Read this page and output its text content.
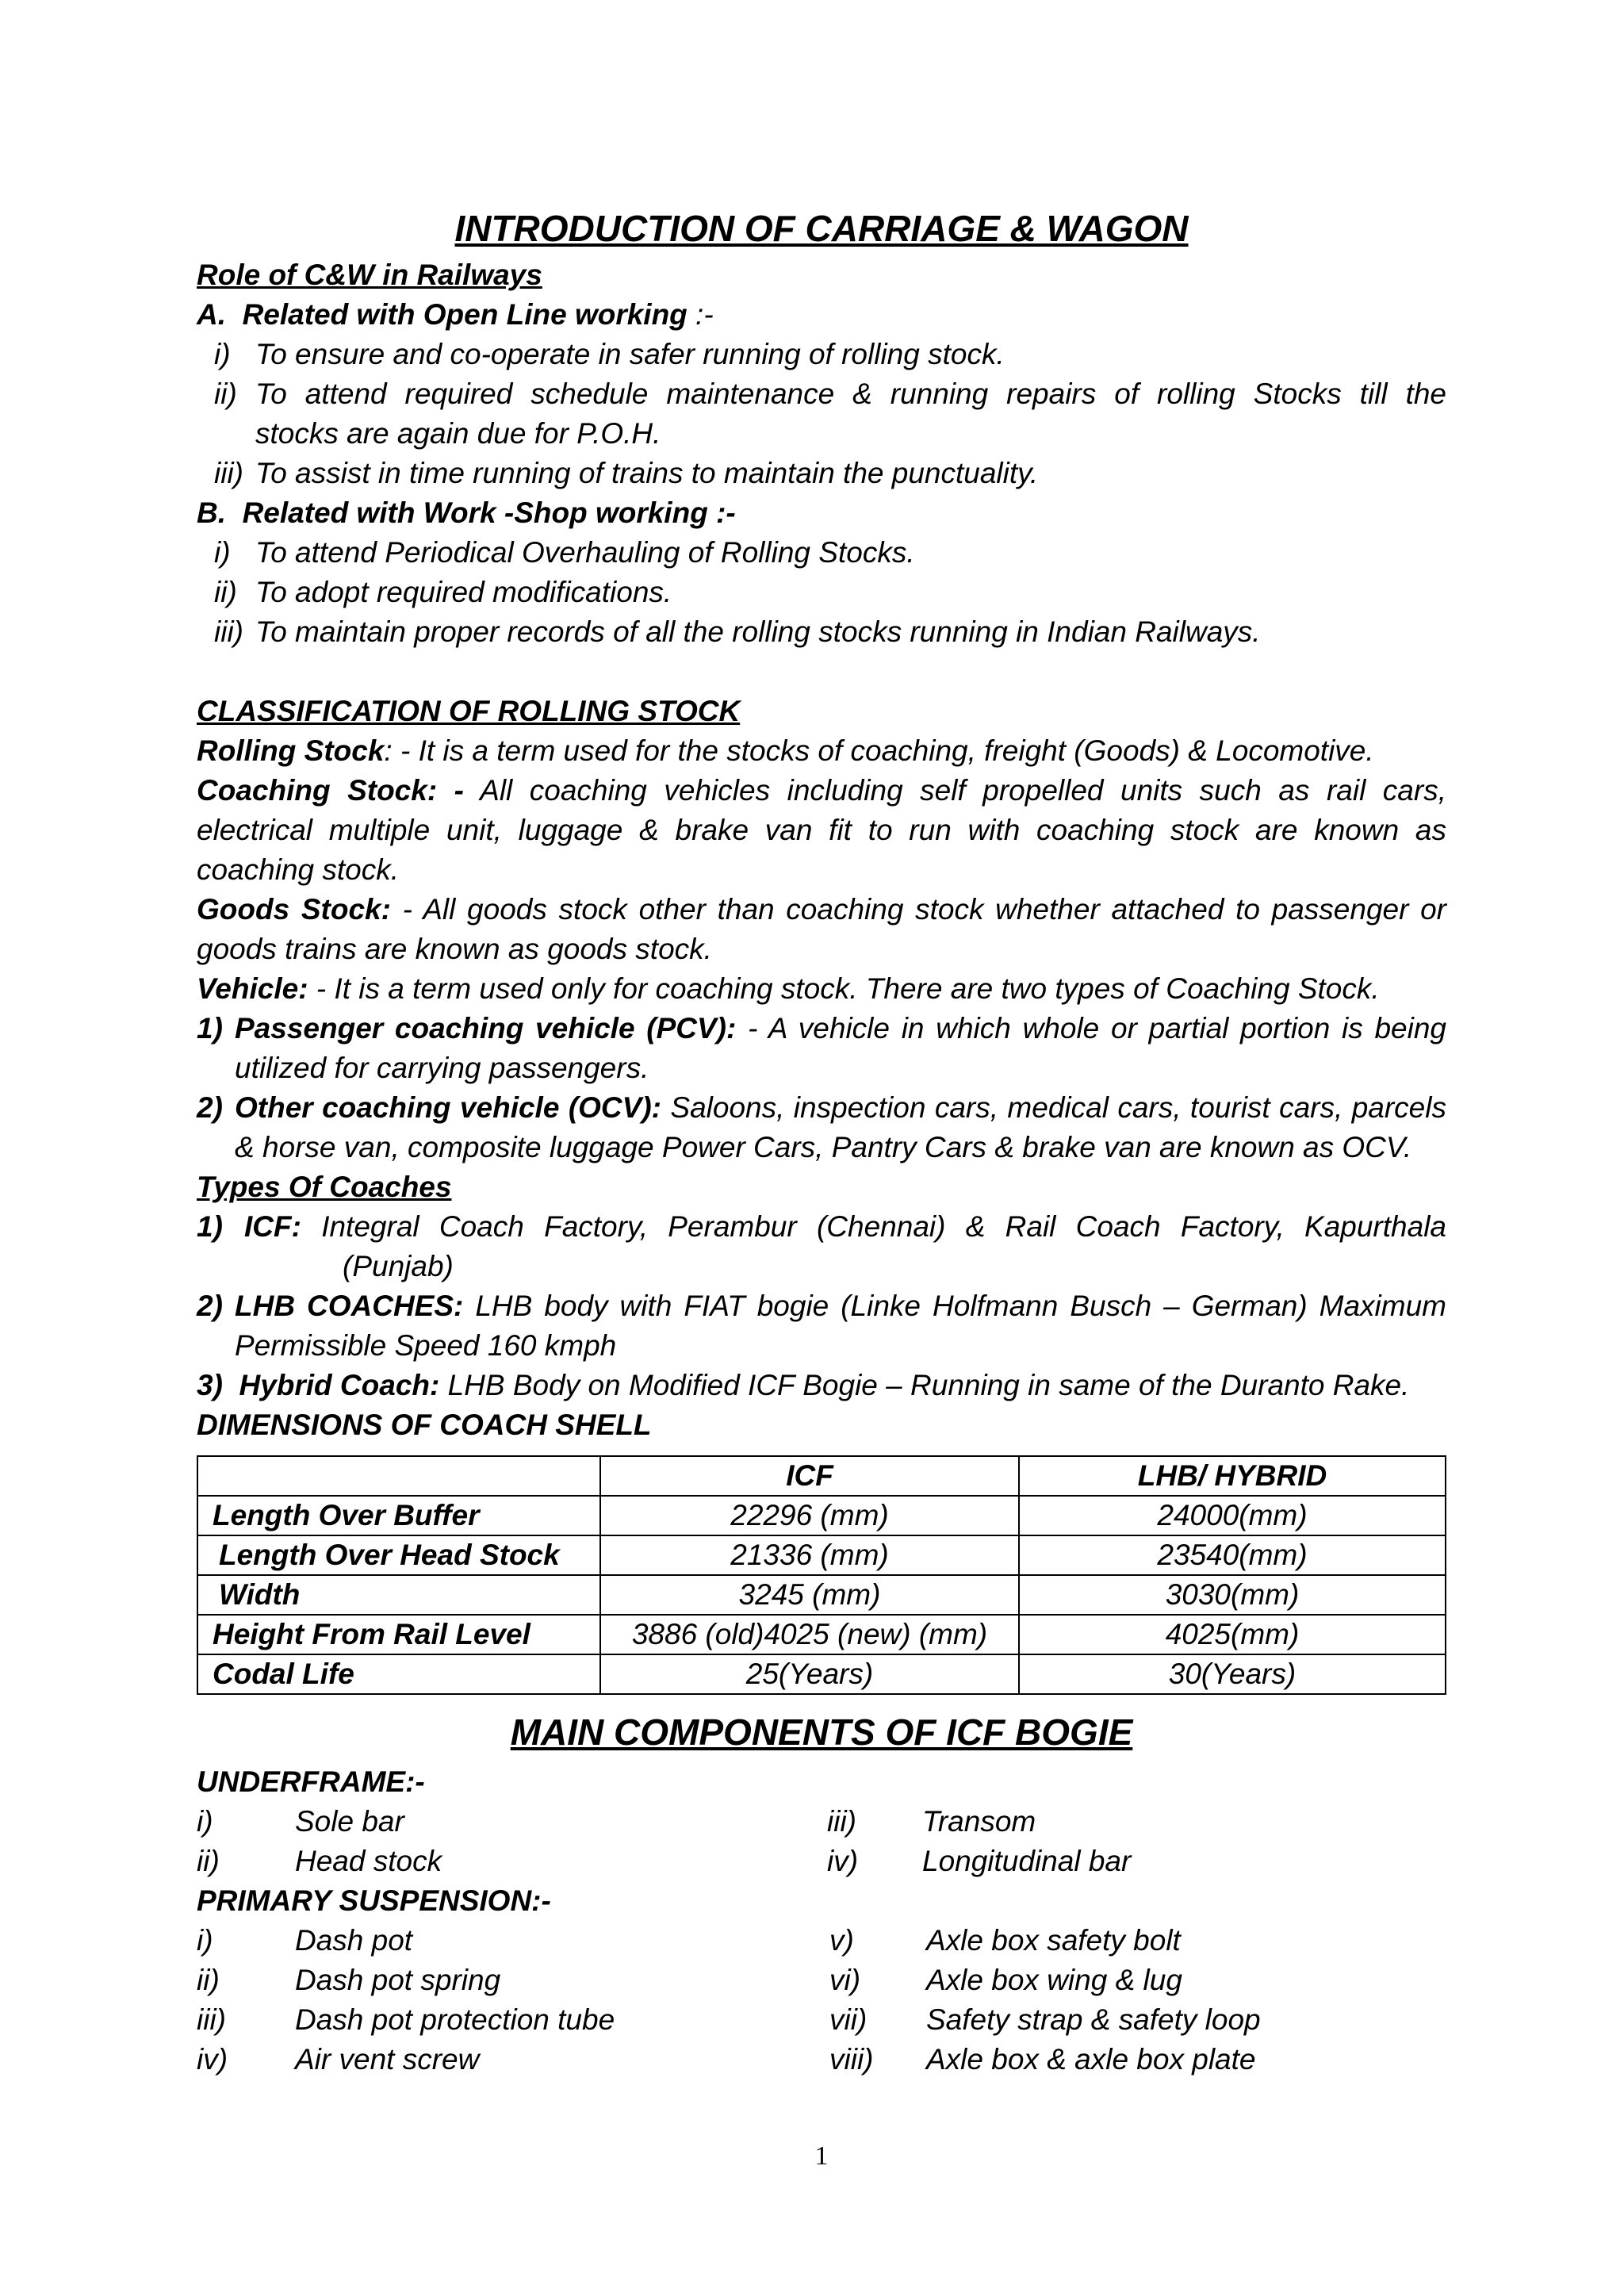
INTRODUCTION OF CARRIAGE & WAGON
Role of C&W in Railways
A. Related with Open Line working :-
i) To ensure and co-operate in safer running of rolling stock.
ii) To attend required schedule maintenance & running repairs of rolling Stocks till the
stocks are again due for P.O.H.
iii) To assist in time running of trains to maintain the punctuality.
B. Related with Work -Shop working :-
i) To attend Periodical Overhauling of Rolling Stocks.
ii) To adopt required modifications.
iii) To maintain proper records of all the rolling stocks running in Indian Railways.
CLASSIFICATION OF ROLLING STOCK
Rolling Stock: - It is a term used for the stocks of coaching, freight (Goods) & Locomotive.
Coaching Stock: - All coaching vehicles including self propelled units such as rail cars,
electrical multiple unit, luggage & brake van fit to run with coaching stock are known as
coaching stock.
Goods Stock: - All goods stock other than coaching stock whether attached to passenger or
goods trains are known as goods stock.
Vehicle: - It is a term used only for coaching stock. There are two types of Coaching Stock.
1) Passenger coaching vehicle (PCV): - A vehicle in which whole or partial portion is being
utilized for carrying passengers.
2) Other coaching vehicle (OCV): Saloons, inspection cars, medical cars, tourist cars, parcels
& horse van, composite luggage Power Cars, Pantry Cars & brake van are known as OCV.
Types Of Coaches
1) ICF: Integral Coach Factory, Perambur (Chennai) & Rail Coach Factory, Kapurthala
(Punjab)
2) LHB COACHES: LHB body with FIAT bogie (Linke Holfmann Busch – German) Maximum
Permissible Speed 160 kmph
3) Hybrid Coach: LHB Body on Modified ICF Bogie – Running in same of the Duranto Rake.
DIMENSIONS OF COACH SHELL
	ICF	LHB/ HYBRID
Length Over Buffer	22296 (mm)	24000(mm)
Length Over Head Stock	21336 (mm)	23540(mm)
Width	3245 (mm)	3030(mm)
Height From Rail Level	3886 (old)4025 (new) (mm)	4025(mm)
Codal Life	25(Years)	30(Years)
MAIN COMPONENTS OF ICF BOGIE
UNDERFRAME:-
i)	Sole bar
ii)	Head stock
iii) Transom
iv) Longitudinal bar
PRIMARY SUSPENSION:-
i)	Dash pot
ii)	Dash pot spring
iii) Dash pot protection tube
iv) Air vent screw
v) Axle box safety bolt
vi) Axle box wing & lug
vii) Safety strap & safety loop
viii) Axle box & axle box plate
1
